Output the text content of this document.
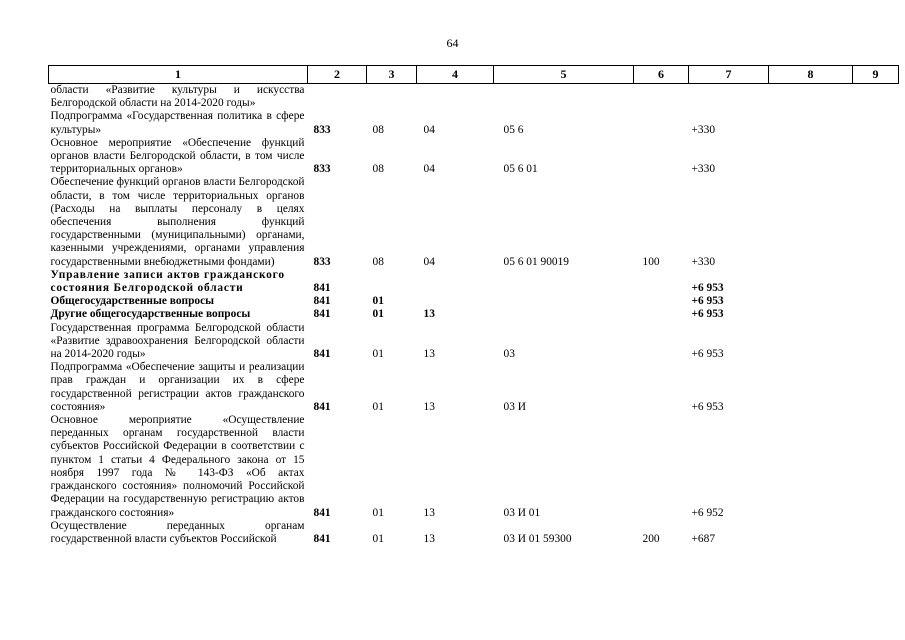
64
1	2	3	4	5	6	7	8	9
области «Развитие культуры и искусства Белгородской области на 2014-2020 годы»								
Подпрограмма «Государственная политика в сфере культуры»	833	08	04	05 6		+330		
Основное мероприятие «Обеспечение функций органов власти Белгородской области, в том числе территориальных органов»	833	08	04	05 6 01		+330		
Обеспечение функций органов власти Белгородской области, в том числе территориальных органов (Расходы на выплаты персоналу в целях обеспечения выполнения функций государственными (муниципальными) органами, казенными учреждениями, органами управления государственными внебюджетными фондами)	833	08	04	05 6 01 90019	100	+330		
Управление записи актов гражданского состояния Белгородской области	841					+6 953		
Общегосударственные вопросы	841	01				+6 953		
Другие общегосударственные вопросы	841	01	13			+6 953		
Государственная программа Белгородской области «Развитие здравоохранения Белгородской области на 2014-2020 годы»	841	01	13	03		+6 953		
Подпрограмма «Обеспечение защиты и реализации прав граждан и организации их в сфере государственной регистрации актов гражданского состояния»	841	01	13	03 И		+6 953		
Основное мероприятие «Осуществление переданных органам государственной власти субъектов Российской Федерации в соответствии с пунктом 1 статьи 4 Федерального закона от 15 ноября 1997 года № 143-ФЗ «Об актах гражданского состояния» полномочий Российской Федерации на государственную регистрацию актов гражданского состояния»	841	01	13	03 И 01		+6 952		
Осуществление переданных органам государственной власти субъектов Российской	841	01	13	03 И 01 59300	200	+687		
